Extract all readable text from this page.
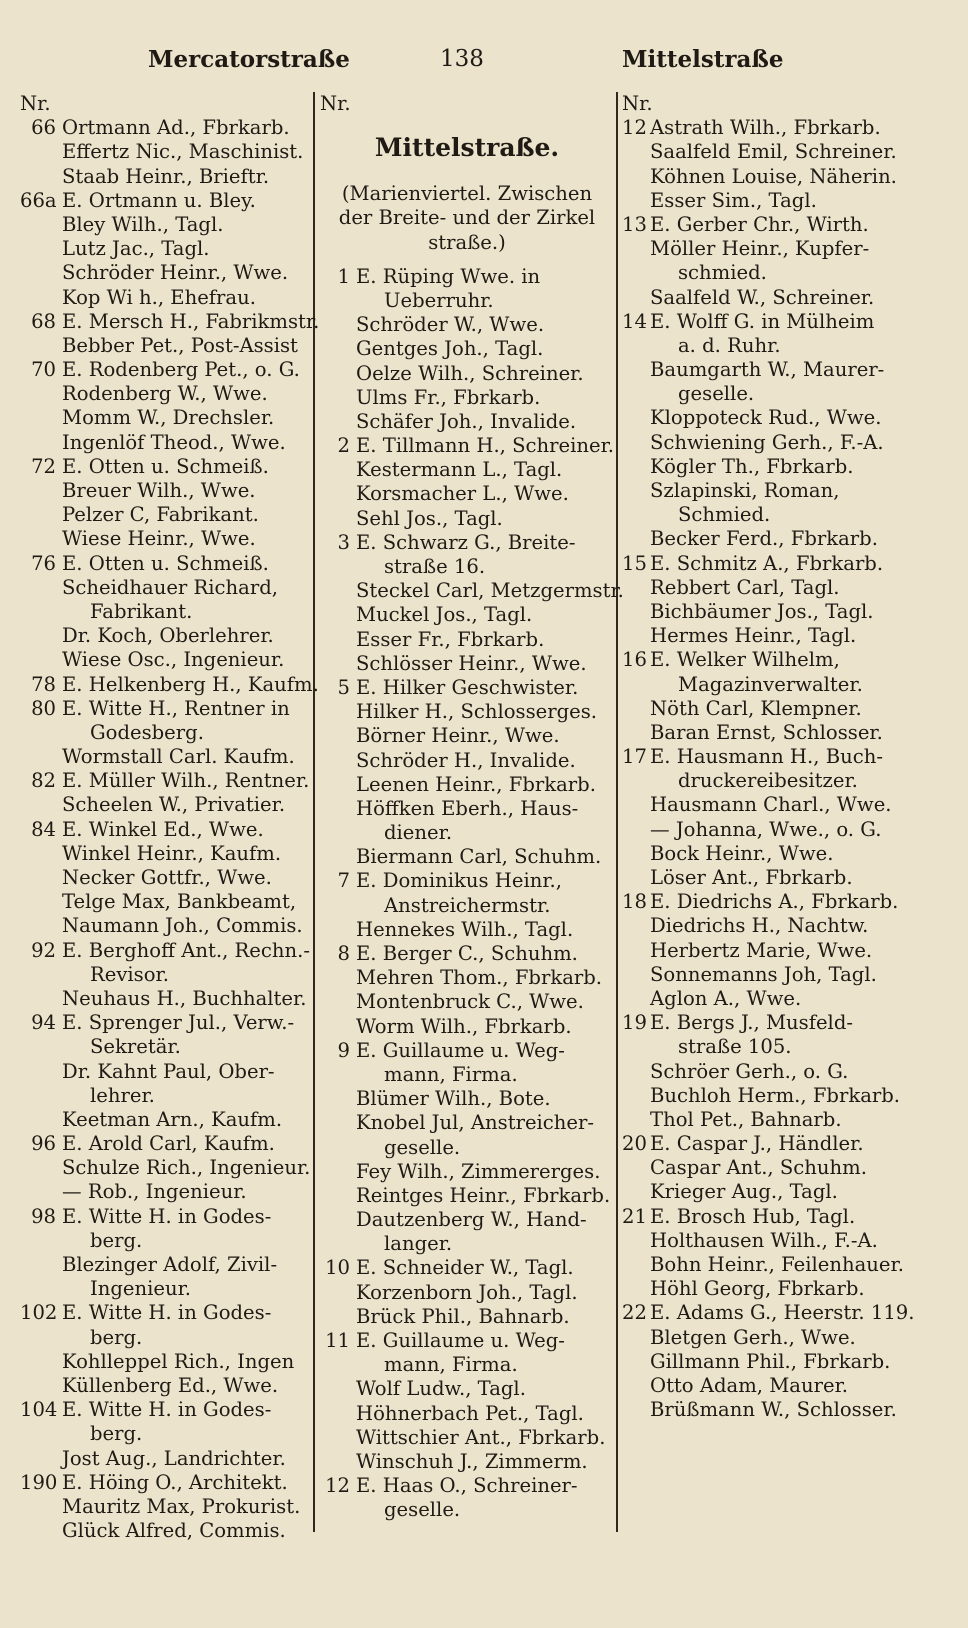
Mercatorstraße	138	Mittelstraße
Nr.
66 Ortmann Ad., Fbrkarb.
Effertz Nic., Maschinist.
Staab Heinr., Brieftr.
66a E. Ortmann u. Bley.
Bley Wilh., Tagl.
Lutz Jac., Tagl.
Schröder Heinr., Wwe.
Kop Wi h., Ehefrau.
68 E. Mersch H., Fabrikmstr.
Bebber Pet., Post-Assist
70 E. Rodenberg Pet., o. G.
Rodenberg W., Wwe.
Momm W., Drechsler.
Ingenlöf Theod., Wwe.
72 E. Otten u. Schmeiß.
Breuer Wilh., Wwe.
Pelzer C, Fabrikant.
Wiese Heinr., Wwe.
76 E. Otten u. Schmeiß.
Scheidhauer Richard,
Fabrikant.
Dr. Koch, Oberlehrer.
Wiese Osc., Ingenieur.
78 E. Helkenberg H., Kaufm.
80 E. Witte H., Rentner in
Godesberg.
Wormstall Carl. Kaufm.
82 E. Müller Wilh., Rentner.
Scheelen W., Privatier.
84 E. Winkel Ed., Wwe.
Winkel Heinr., Kaufm.
Necker Gottfr., Wwe.
Telge Max, Bankbeamt,
Naumann Joh., Commis.
92 E. Berghoff Ant., Rechn.-
Revisor.
Neuhaus H., Buchhalter.
94 E. Sprenger Jul., Verw.-
Sekretär.
Dr. Kahnt Paul, Ober-
lehrer.
Keetman Arn., Kaufm.
96 E. Arold Carl, Kaufm.
Schulze Rich., Ingenieur.
— Rob., Ingenieur.
98 E. Witte H. in Godes-
berg.
Blezinger Adolf, Zivil-
Ingenieur.
102 E. Witte H. in Godes-
berg.
Kohlleppel Rich., Ingen
Küllenberg Ed., Wwe.
104 E. Witte H. in Godes-
berg.
Jost Aug., Landrichter.
190 E. Höing O., Architekt.
Mauritz Max, Prokurist.
Glück Alfred, Commis.
Nr.
Mittelstraße.
(Marienviertel. Zwischen
der Breite- und der Zirkel
straße.)
1 E. Rüping Wwe. in
Ueberruhr.
Schröder W., Wwe.
Gentges Joh., Tagl.
Oelze Wilh., Schreiner.
Ulms Fr., Fbrkarb.
Schäfer Joh., Invalide.
2 E. Tillmann H., Schreiner.
Kestermann L., Tagl.
Korsmacher L., Wwe.
Sehl Jos., Tagl.
3 E. Schwarz G., Breite-
straße 16.
Steckel Carl, Metzgermstr.
Muckel Jos., Tagl.
Esser Fr., Fbrkarb.
Schlösser Heinr., Wwe.
5 E. Hilker Geschwister.
Hilker H., Schlosserges.
Börner Heinr., Wwe.
Schröder H., Invalide.
Leenen Heinr., Fbrkarb.
Höffken Eberh., Haus-
diener.
Biermann Carl, Schuhm.
7 E. Dominikus Heinr.,
Anstreichermstr.
Hennekes Wilh., Tagl.
8 E. Berger C., Schuhm.
Mehren Thom., Fbrkarb.
Montenbruck C., Wwe.
Worm Wilh., Fbrkarb.
9 E. Guillaume u. Weg-
mann, Firma.
Blümer Wilh., Bote.
Knobel Jul, Anstreicher-
geselle.
Fey Wilh., Zimmererges.
Reintges Heinr., Fbrkarb.
Dautzenberg W., Hand-
langer.
10 E. Schneider W., Tagl.
Korzenborn Joh., Tagl.
Brück Phil., Bahnarb.
11 E. Guillaume u. Weg-
mann, Firma.
Wolf Ludw., Tagl.
Höhnerbach Pet., Tagl.
Wittschier Ant., Fbrkarb.
Winschuh J., Zimmerm.
12 E. Haas O., Schreiner-
geselle.
Nr.
12 Astrath Wilh., Fbrkarb.
Saalfeld Emil, Schreiner.
Köhnen Louise, Näherin.
Esser Sim., Tagl.
13 E. Gerber Chr., Wirth.
Möller Heinr., Kupfer-
schmied.
Saalfeld W., Schreiner.
14 E. Wolff G. in Mülheim
a. d. Ruhr.
Baumgarth W., Maurer-
geselle.
Kloppoteck Rud., Wwe.
Schwiening Gerh., F.-A.
Kögler Th., Fbrkarb.
Szlapinski, Roman,
Schmied.
Becker Ferd., Fbrkarb.
15 E. Schmitz A., Fbrkarb.
Rebbert Carl, Tagl.
Bichbäumer Jos., Tagl.
Hermes Heinr., Tagl.
16 E. Welker Wilhelm,
Magazinverwalter.
Nöth Carl, Klempner.
Baran Ernst, Schlosser.
17 E. Hausmann H., Buch-
druckereibesitzer.
Hausmann Charl., Wwe.
— Johanna, Wwe., o. G.
Bock Heinr., Wwe.
Löser Ant., Fbrkarb.
18 E. Diedrichs A., Fbrkarb.
Diedrichs H., Nachtw.
Herbertz Marie, Wwe.
Sonnemanns Joh, Tagl.
Aglon A., Wwe.
19 E. Bergs J., Musfeld-
straße 105.
Schröer Gerh., o. G.
Buchloh Herm., Fbrkarb.
Thol Pet., Bahnarb.
20 E. Caspar J., Händler.
Caspar Ant., Schuhm.
Krieger Aug., Tagl.
21 E. Brosch Hub, Tagl.
Holthausen Wilh., F.-A.
Bohn Heinr., Feilenhauer.
Höhl Georg, Fbrkarb.
22 E. Adams G., Heerstr. 119.
Bletgen Gerh., Wwe.
Gillmann Phil., Fbrkarb.
Otto Adam, Maurer.
Brüßmann W., Schlosser.
